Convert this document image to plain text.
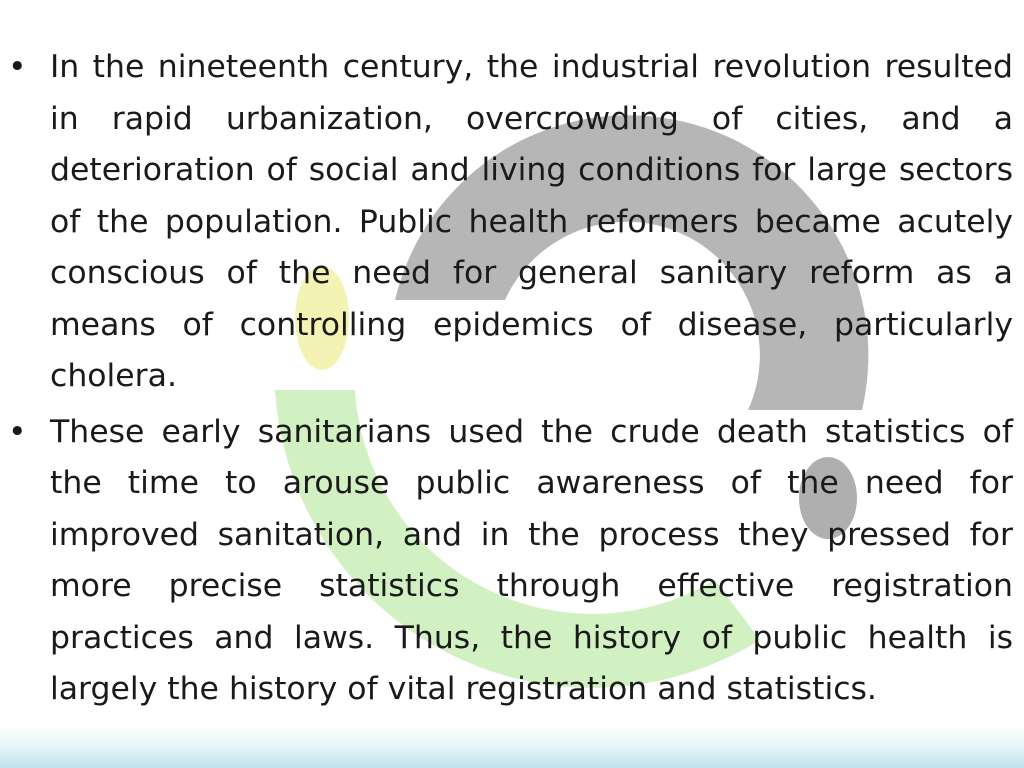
• In the nineteenth century, the industrial revolution resulted in rapid urbanization, overcrowding of cities, and a deterioration of social and living conditions for large sectors of the population. Public health reformers became acutely conscious of the need for general sanitary reform as a means of controlling epidemics of disease, particularly cholera.
• These early sanitarians used the crude death statistics of the time to arouse public awareness of the need for improved sanitation, and in the process they pressed for more precise statistics through effective registration practices and laws. Thus, the history of public health is largely the history of vital registration and statistics.
